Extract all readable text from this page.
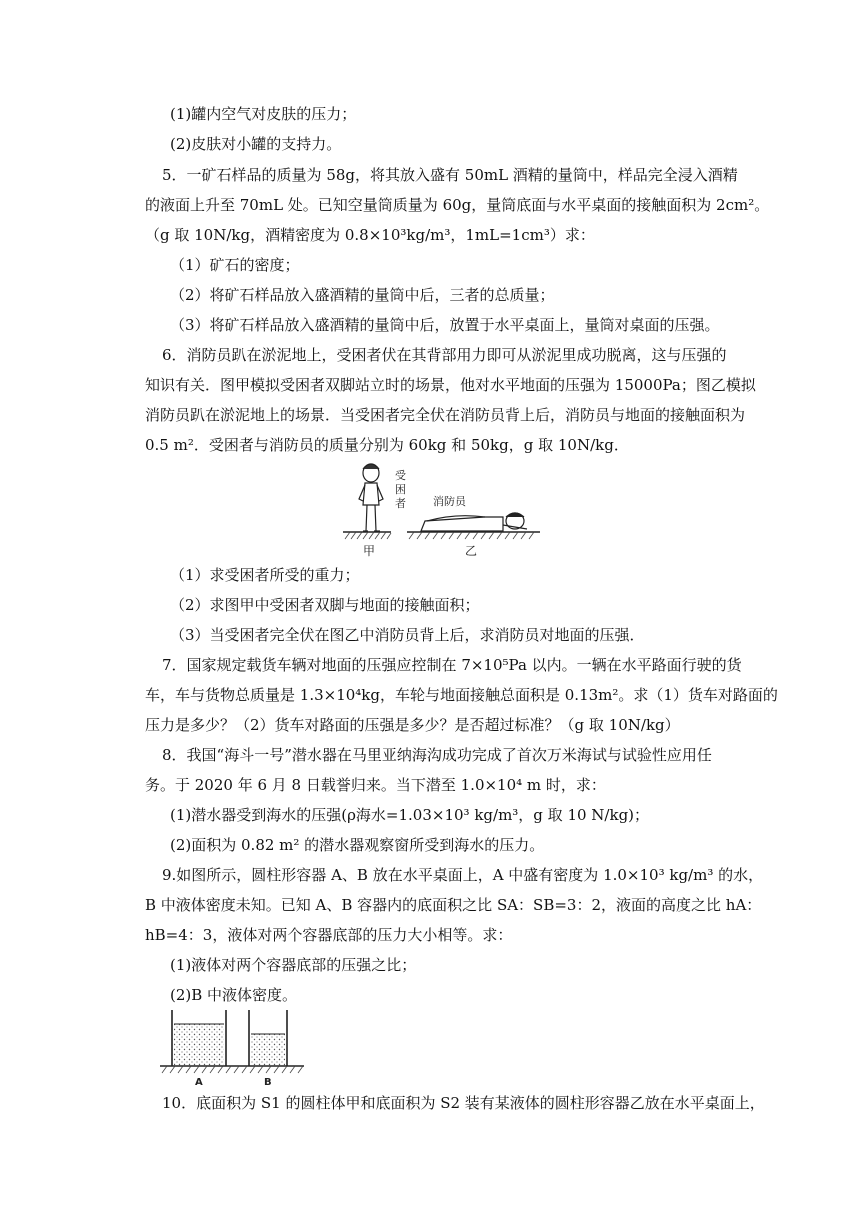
(1)罐内空气对皮肤的压力；
(2)皮肤对小罐的支持力。
5．一矿石样品的质量为 58g，将其放入盛有 50mL 酒精的量筒中，样品完全浸入酒精
的液面上升至 70mL 处。已知空量筒质量为 60g，量筒底面与水平桌面的接触面积为 2cm²。
（g 取 10N/kg，酒精密度为 0.8×10³kg/m³，1mL=1cm³）求：
（1）矿石的密度；
（2）将矿石样品放入盛酒精的量筒中后，三者的总质量；
（3）将矿石样品放入盛酒精的量筒中后，放置于水平桌面上，量筒对桌面的压强。
6．消防员趴在淤泥地上，受困者伏在其背部用力即可从淤泥里成功脱离，这与压强的
知识有关．图甲模拟受困者双脚站立时的场景，他对水平地面的压强为 15000Pa；图乙模拟
消防员趴在淤泥地上的场景．当受困者完全伏在消防员背上后，消防员与地面的接触面积为
0.5 m²．受困者与消防员的质量分别为 60kg 和 50kg，g 取 10N/kg．
受
困
者
甲
消防员
乙
（1）求受困者所受的重力；
（2）求图甲中受困者双脚与地面的接触面积；
（3）当受困者完全伏在图乙中消防员背上后，求消防员对地面的压强．
7．国家规定载货车辆对地面的压强应控制在 7×10⁵Pa 以内。一辆在水平路面行驶的货
车，车与货物总质量是 1.3×10⁴kg，车轮与地面接触总面积是 0.13m²。求（1）货车对路面的
压力是多少？（2）货车对路面的压强是多少？是否超过标准？（g 取 10N/kg）
8．我国“海斗一号”潜水器在马里亚纳海沟成功完成了首次万米海试与试验性应用任
务。于 2020 年 6 月 8 日载誉归来。当下潜至 1.0×10⁴ m 时，求：
(1)潜水器受到海水的压强(ρ海水=1.03×10³ kg/m³，g 取 10 N/kg)；
(2)面积为 0.82 m² 的潜水器观察窗所受到海水的压力。
9.如图所示，圆柱形容器 A、B 放在水平桌面上，A 中盛有密度为 1.0×10³ kg/m³ 的水，
B 中液体密度未知。已知 A、B 容器内的底面积之比 SA：SB=3：2，液面的高度之比 hA：
hB=4：3，液体对两个容器底部的压力大小相等。求：
(1)液体对两个容器底部的压强之比；
(2)B 中液体密度。
A	B
10．底面积为 S1 的圆柱体甲和底面积为 S2 装有某液体的圆柱形容器乙放在水平桌面上，
